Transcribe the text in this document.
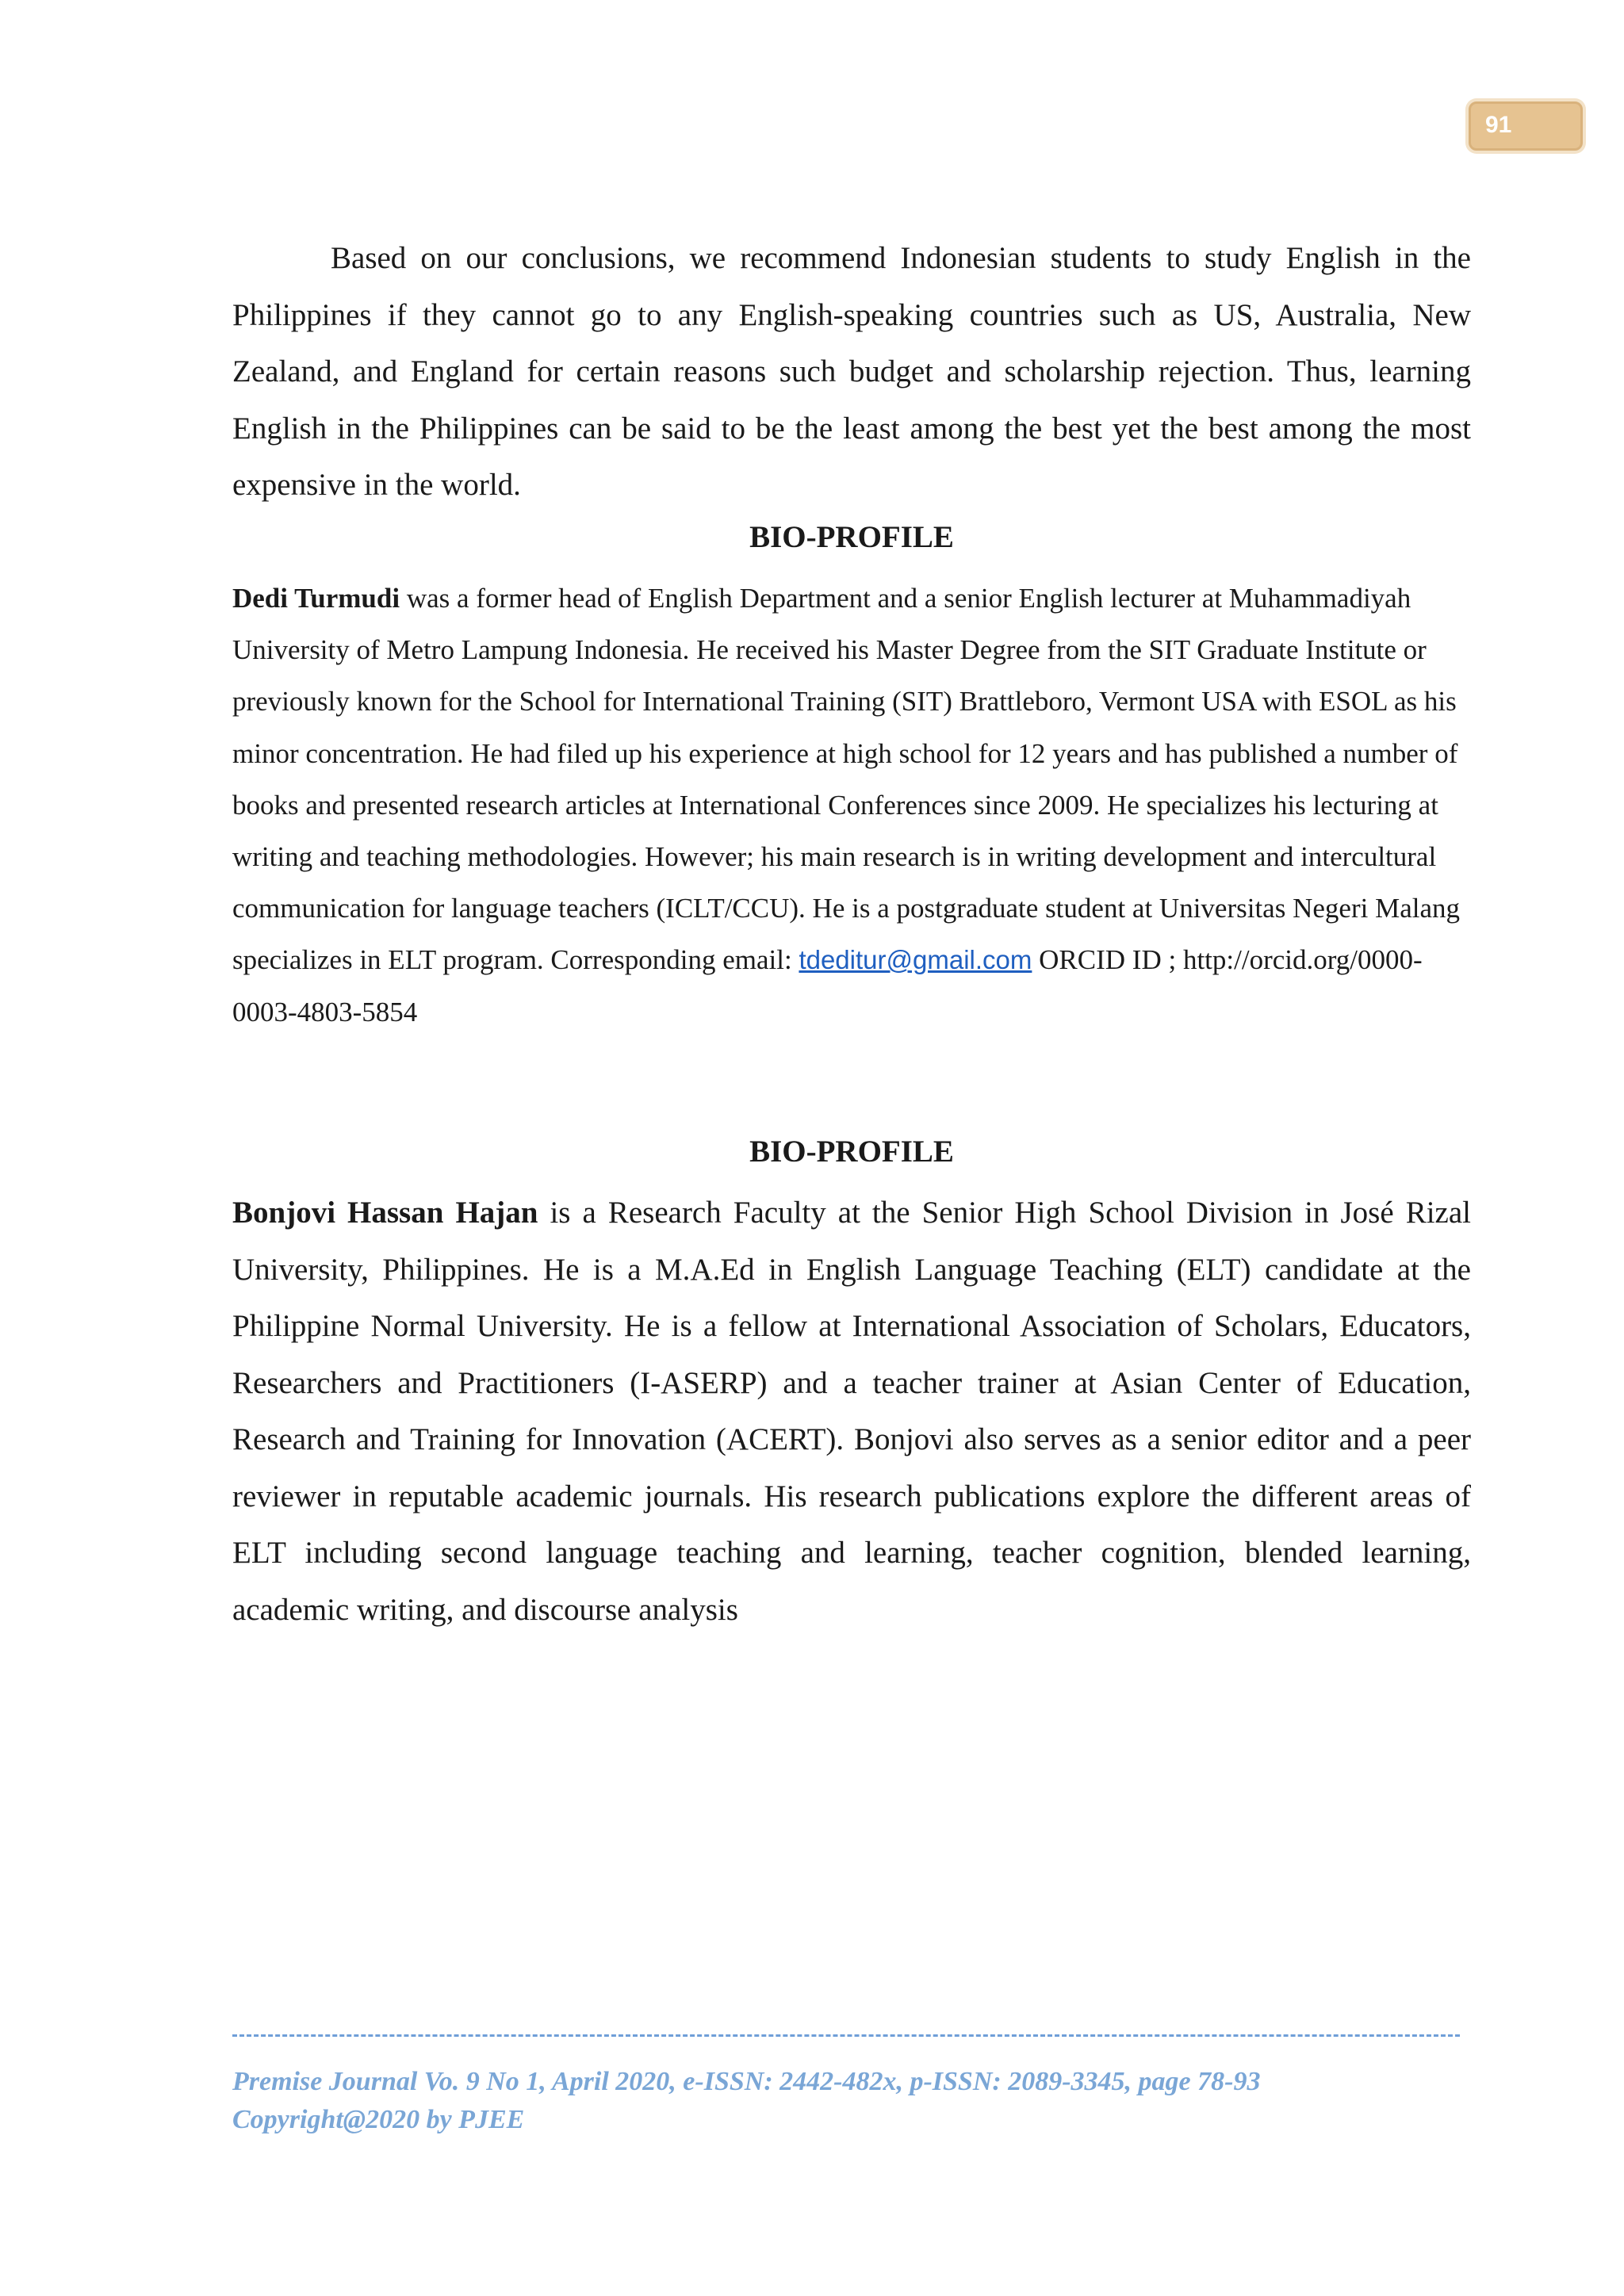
91

Based on our conclusions, we recommend Indonesian students to study English in the Philippines if they cannot go to any English-speaking countries such as US, Australia, New Zealand, and England for certain reasons such budget and scholarship rejection. Thus, learning English in the Philippines can be said to be the least among the best yet the best among the most expensive in the world.

BIO-PROFILE

Dedi Turmudi was a former head of English Department and a senior English lecturer at Muhammadiyah University of Metro Lampung Indonesia. He received his Master Degree from the SIT Graduate Institute or previously known for the School for International Training (SIT) Brattleboro, Vermont USA with ESOL as his minor concentration. He had filed up his experience at high school for 12 years and has published a number of books and presented research articles at International Conferences since 2009. He specializes his lecturing at writing and teaching methodologies. However; his main research is in writing development and intercultural communication for language teachers (ICLT/CCU). He is a postgraduate student at Universitas Negeri Malang specializes in ELT program. Corresponding email: tdeditur@gmail.com ORCID ID ; http://orcid.org/0000-0003-4803-5854

BIO-PROFILE

Bonjovi Hassan Hajan is a Research Faculty at the Senior High School Division in José Rizal University, Philippines. He is a M.A.Ed in English Language Teaching (ELT) candidate at the Philippine Normal University. He is a fellow at International Association of Scholars, Educators, Researchers and Practitioners (I-ASERP) and a teacher trainer at Asian Center of Education, Research and Training for Innovation (ACERT). Bonjovi also serves as a senior editor and a peer reviewer in reputable academic journals. His research publications explore the different areas of ELT including second language teaching and learning, teacher cognition, blended learning, academic writing, and discourse analysis

Premise Journal Vo. 9 No 1, April 2020, e-ISSN: 2442-482x, p-ISSN: 2089-3345, page 78-93

Copyright@2020 by PJEE
